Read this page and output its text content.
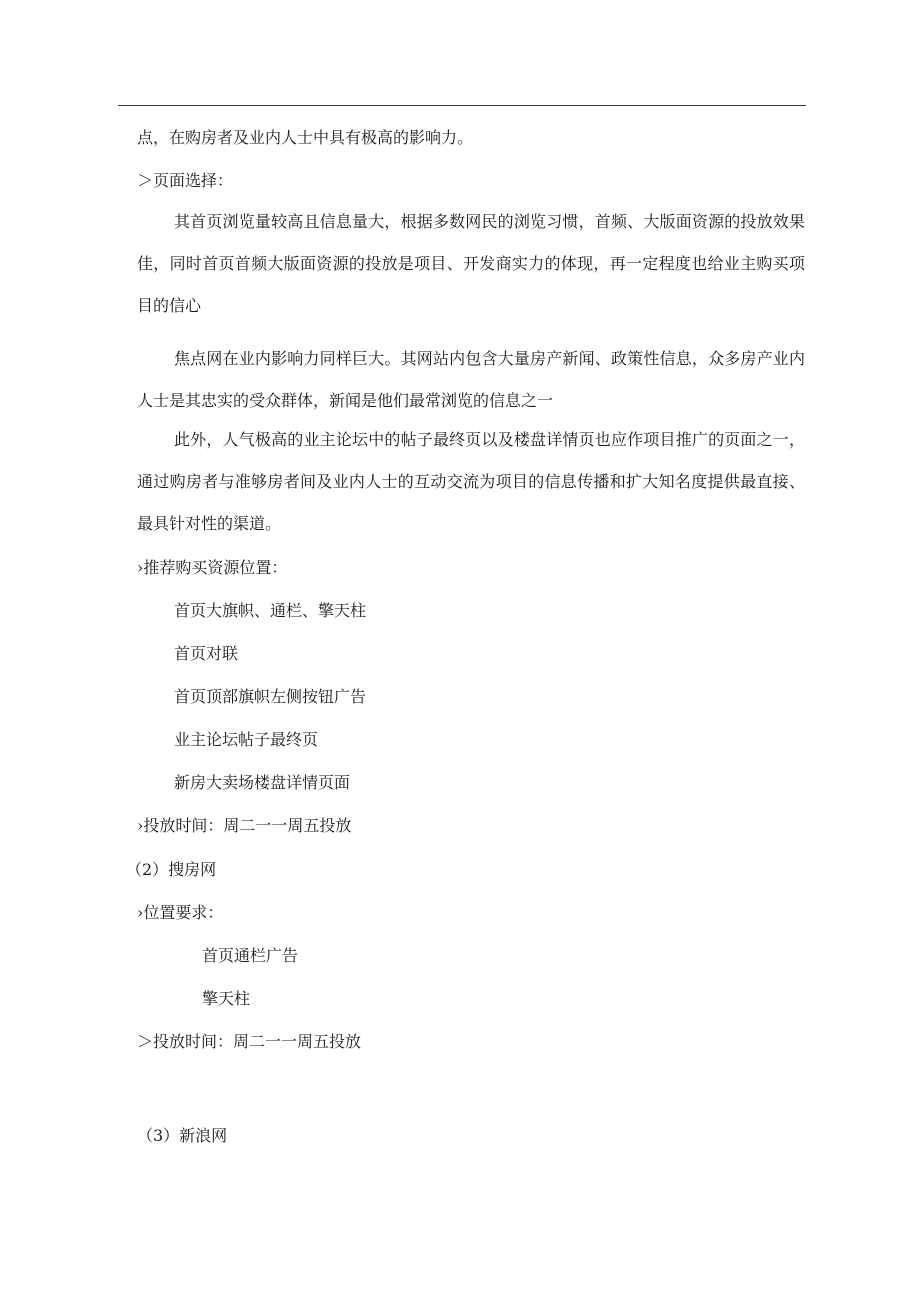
点，在购房者及业内人士中具有极高的影响力。
＞页面选择：
其首页浏览量较高且信息量大，根据多数网民的浏览习惯，首频、大版面资源的投放效果佳，同时首页首频大版面资源的投放是项目、开发商实力的体现，再一定程度也给业主购买项目的信心
焦点网在业内影响力同样巨大。其网站内包含大量房产新闻、政策性信息，众多房产业内人士是其忠实的受众群体，新闻是他们最常浏览的信息之一
此外，人气极高的业主论坛中的帖子最终页以及楼盘详情页也应作项目推广的页面之一，通过购房者与准够房者间及业内人士的互动交流为项目的信息传播和扩大知名度提供最直接、最具针对性的渠道。
›推荐购买资源位置：
首页大旗帜、通栏、擎天柱
首页对联
首页顶部旗帜左侧按钮广告
业主论坛帖子最终页
新房大卖场楼盘详情页面
›投放时间：周二一一周五投放
（2）搜房网
›位置要求：
首页通栏广告
擎天柱
＞投放时间：周二一一周五投放
（3）新浪网
